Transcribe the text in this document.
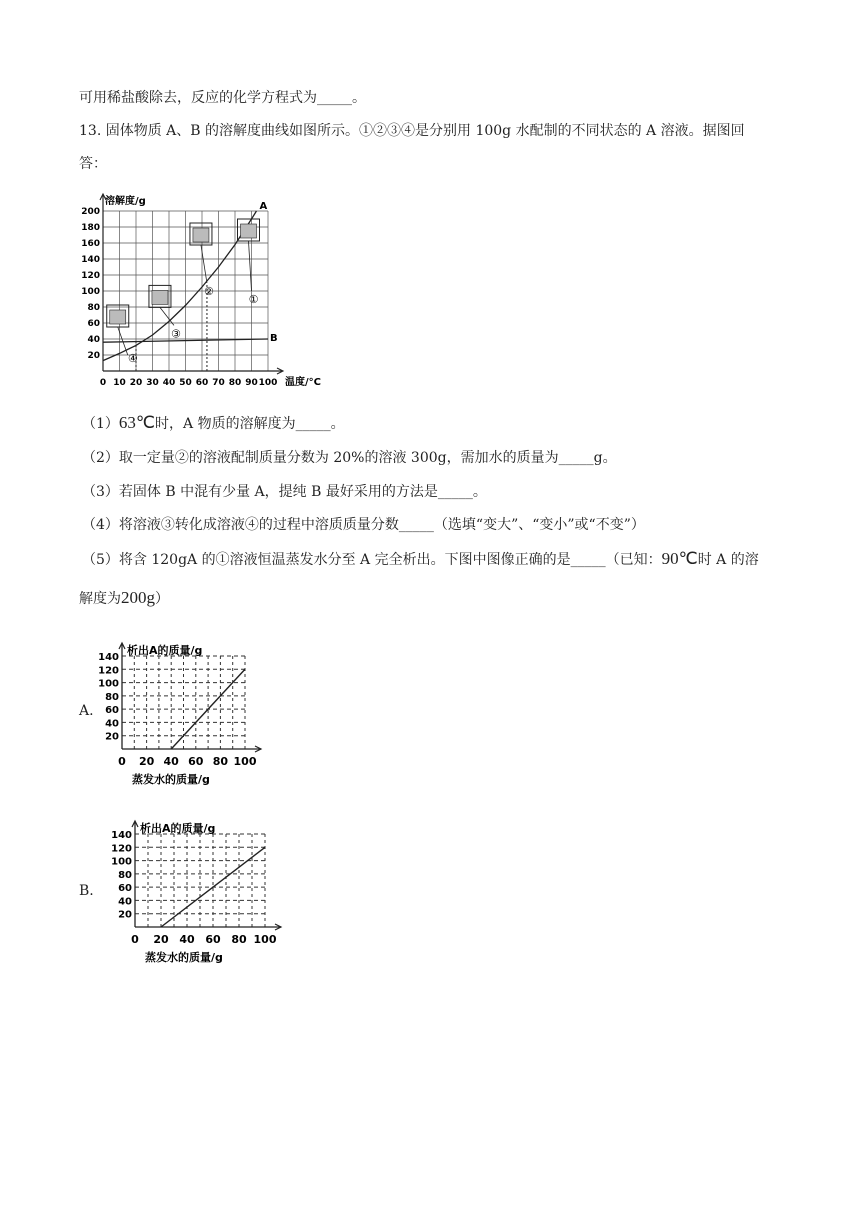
可用稀盐酸除去，反应的化学方程式为_____。
13. 固体物质 A、B 的溶解度曲线如图所示。①②③④是分别用 100g 水配制的不同状态的 A 溶液。据图回
答：
200
180
160
140
120
100
80
60
40
20
0 10 20 30 40 50 60 70 80 90 100
溶解度/g
温度/°C
A
B
①
②
③
④
（1）63℃时，A 物质的溶解度为_____。
（2）取一定量②的溶液配制质量分数为 20%的溶液 300g，需加水的质量为_____g。
（3）若固体 B 中混有少量 A，提纯 B 最好采用的方法是_____。
（4）将溶液③转化成溶液④的过程中溶质质量分数_____（选填“变大”、“变小”或“不变”）
（5）将含 120gA 的①溶液恒温蒸发水分至 A 完全析出。下图中图像正确的是_____（已知：90℃时 A 的溶
解度为200g）
A.
140
120
100
80
60
40
20
0 20 40 60 80 100
析出A的质量/g
蒸发水的质量/g
B.
140
120
100
80
60
40
20
0 20 40 60 80 100
析出A的质量/g
蒸发水的质量/g
